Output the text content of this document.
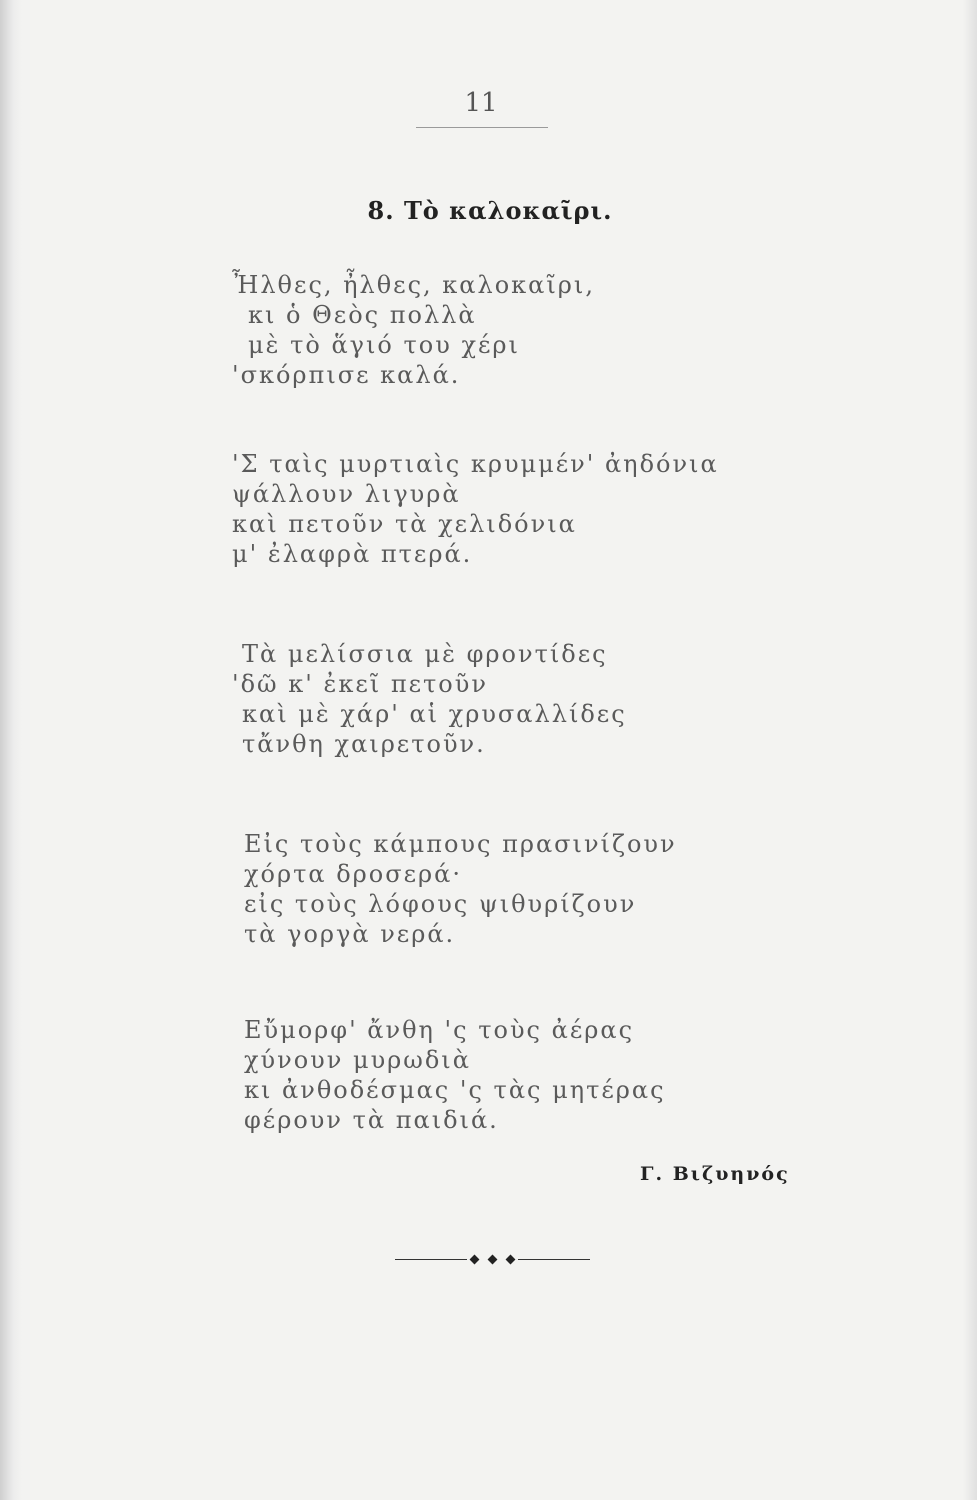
11
8. Τὸ καλοκαῖρι.
Ἦλθες, ἦλθες, καλοκαῖρι,
κι ὁ Θεὸς πολλὰ
μὲ τὸ ἅγιό του χέρι
'σκόρπισε καλά.
'Σ ταὶς μυρτιαὶς κρυμμέν' ἀηδόνια
ψάλλουν λιγυρὰ
καὶ πετοῦν τὰ χελιδόνια
μ' ἐλαφρὰ πτερά.
Τὰ μελίσσια μὲ φροντίδες
'δῶ κ' ἐκεῖ πετοῦν
καὶ μὲ χάρ' αἱ χρυσαλλίδες
τἄνθη χαιρετοῦν.
Εἰς τοὺς κάμπους πρασινίζουν
χόρτα δροσερά·
εἰς τοὺς λόφους ψιθυρίζουν
τὰ γοργὰ νερά.
Εὔμορφ' ἄνθη 'ς τοὺς ἀέρας
χύνουν μυρωδιὰ
κι ἀνθοδέσμας 'ς τὰς μητέρας
φέρουν τὰ παιδιά.
Γ. Βιζυηνός
